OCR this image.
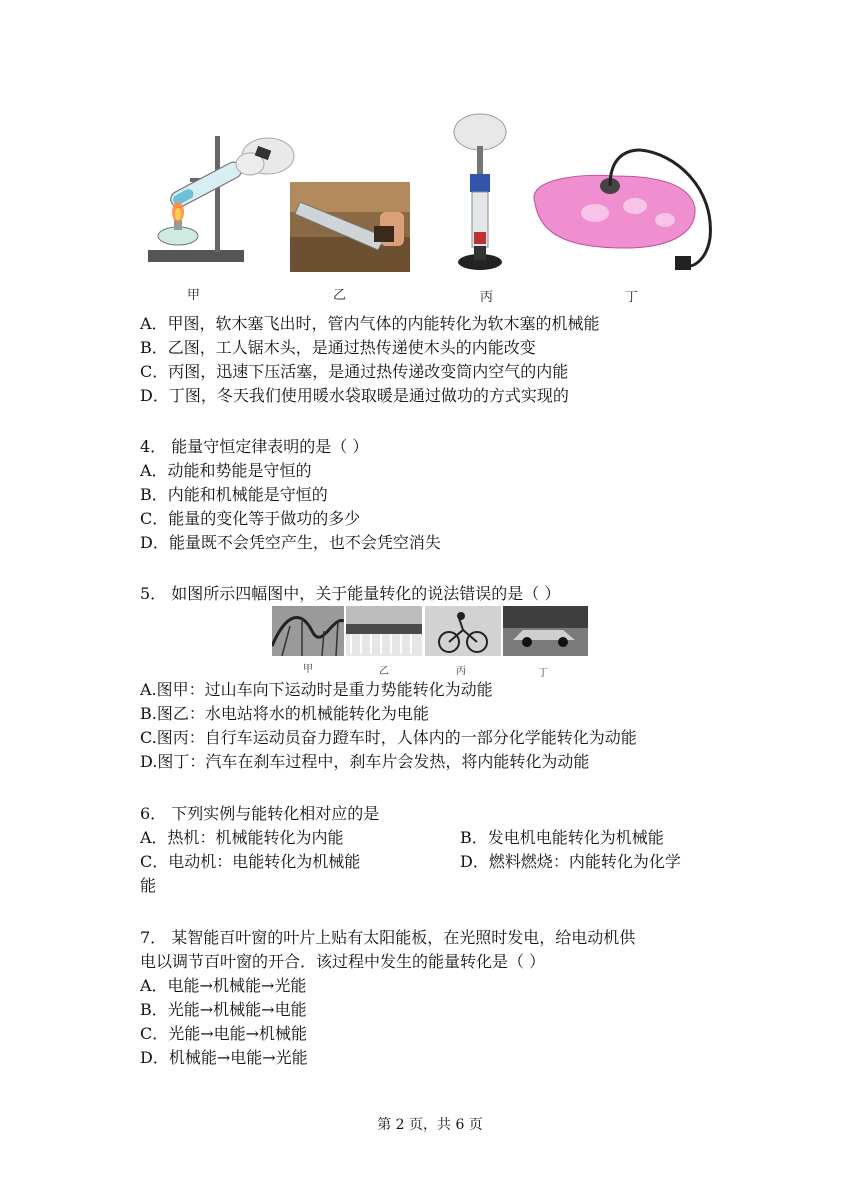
甲	乙	丙	丁
A．甲图，软木塞飞出时，管内气体的内能转化为软木塞的机械能
B．乙图，工人锯木头，是通过热传递使木头的内能改变
C．丙图，迅速下压活塞，是通过热传递改变筒内空气的内能
D．丁图，冬天我们使用暖水袋取暖是通过做功的方式实现的
4． 能量守恒定律表明的是（ ）
A．动能和势能是守恒的
B．内能和机械能是守恒的
C．能量的变化等于做功的多少
D．能量既不会凭空产生，也不会凭空消失
5． 如图所示四幅图中，关于能量转化的说法错误的是（ ）
甲	乙	丙	丁
A.图甲：过山车向下运动时是重力势能转化为动能
B.图乙：水电站将水的机械能转化为电能
C.图丙：自行车运动员奋力蹬车时，人体内的一部分化学能转化为动能
D.图丁：汽车在刹车过程中，刹车片会发热，将内能转化为动能
6． 下列实例与能转化相对应的是
A．热机：机械能转化为内能	B．发电机电能转化为机械能
C．电动机：电能转化为机械能	D．燃料燃烧：内能转化为化学
能
7． 某智能百叶窗的叶片上贴有太阳能板，在光照时发电，给电动机供
电以调节百叶窗的开合．该过程中发生的能量转化是（ ）
A．电能→机械能→光能
B．光能→机械能→电能
C．光能→电能→机械能
D．机械能→电能→光能
第 2 页，共 6 页
